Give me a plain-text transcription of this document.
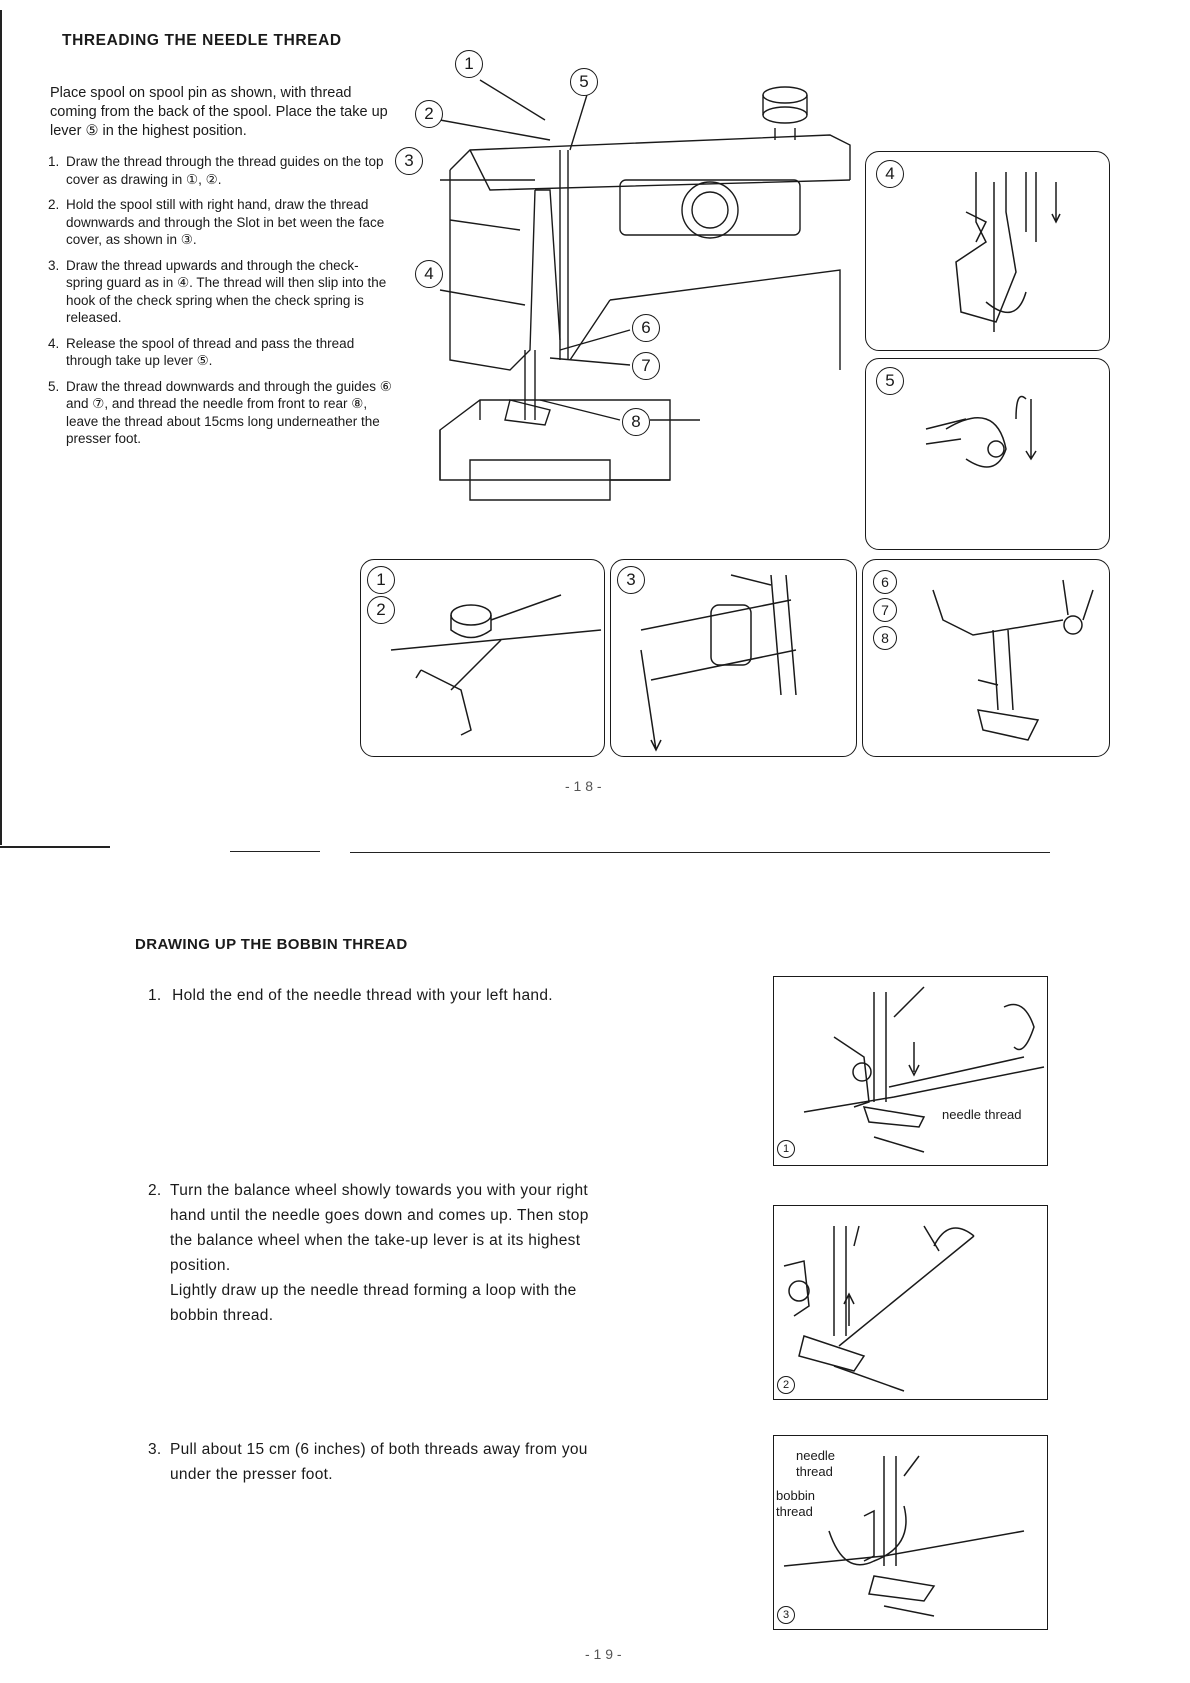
THREADING THE NEEDLE THREAD
Place spool on spool pin as shown, with thread coming from the back of the spool. Place the take up lever ⑤ in the highest position.
1. Draw the thread through the thread guides on the top cover as drawing in ①, ②.
2. Hold the spool still with right hand, draw the thread downwards and through the Slot in bet ween the face cover, as shown in ③.
3. Draw the thread upwards and through the check-spring guard as in ④. The thread will then slip into the hook of the check spring when the check spring is released.
4. Release the spool of thread and pass the thread through take up lever ⑤.
5. Draw the thread downwards and through the guides ⑥ and ⑦, and thread the needle from front to rear ⑧, leave the thread about 15cms long underneather the presser foot.
1
5
2
3
4
6
7
8
4
5
1
2
3	6
7
8
- 1 8 -
DRAWING UP THE BOBBIN THREAD
1. Hold the end of the needle thread with your left hand.
2. Turn the balance wheel showly towards you with your right
hand until the needle goes down and comes up. Then stop
the balance wheel when the take-up lever is at its highest
position.
Lightly draw up the needle thread forming a loop with the
bobbin thread.
3. Pull about 15 cm (6 inches) of both threads away from you
under the presser foot.
needle thread
1
2
needle
thread
bobbin
thread
3
- 1 9 -
